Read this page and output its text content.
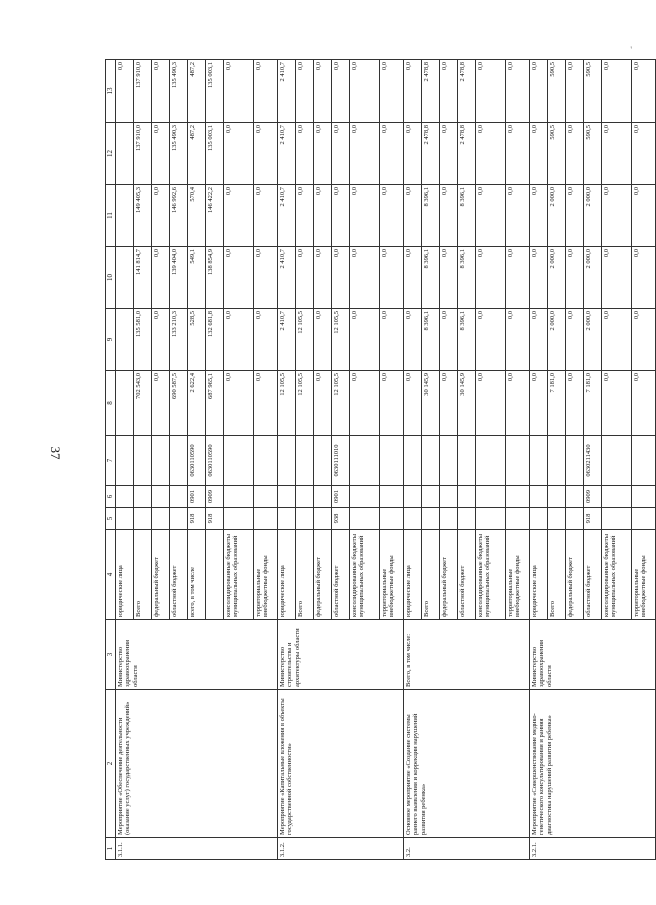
37
'
1	2	3	4	5	6	7	8	9	10	11	12	13
3.1.1.	Мероприятие «Обеспечение деятельности (оказание услуг) государственных учреждений»	Министерство здравоохранения области	юридические лица									0,0
			Всего				702 543,0	135 581,0	141 814,7	149 405,3	137 910,0	137 910,0
			федеральный бюджет				0,0	0,0	0,0	0,0	0,0	0,0
			областной бюджет				690 587,5	133 210,3	139 404,0	146 992,6	135 490,3	135 490,3
			всего, в том числе	918	0901	0630110590	2 622,4	528,5	549,1	570,4	487,2	487,2
				918	0909	0630110590	687 965,1	132 681,8	138 854,9	146 422,2	135 003,1	135 003,1
			консолидированные бюджеты муниципальных образований				0,0	0,0	0,0	0,0	0,0	0,0
			территориальные внебюджетные фонды				0,0	0,0	0,0	0,0	0,0	0,0
3.1.2.	Мероприятие «Капитальные вложения в объекты государственной собственности»	Министерство строительства и архитектуры области	юридические лица				12 105,5	2 410,7	2 410,7	2 410,7	2 410,7	2 410,7
			Всего				12 105,5	12 105,5	0,0	0,0	0,0	0,0
			федеральный бюджет				0,0	0,0	0,0	0,0	0,0	0,0
			областной бюджет	938	0901	0630111010	12 105,5	12 105,5	0,0	0,0	0,0	0,0
			консолидированные бюджеты муниципальных образований				0,0	0,0	0,0	0,0	0,0	0,0
			территориальные внебюджетные фонды				0,0	0,0	0,0	0,0	0,0	0,0
3.2.	Основное мероприятие «Создание системы раннего выявления и коррекции нарушений развития ребенка»	Всего, в том числе:	юридические лица				0,0	0,0	0,0	0,0	0,0	0,0
			Всего				30 145,9	8 396,1	8 396,1	8 396,1	2 478,8	2 478,8
			федеральный бюджет				0,0	0,0	0,0	0,0	0,0	0,0
			областной бюджет				30 145,9	8 396,1	8 396,1	8 396,1	2 478,8	2 478,8
			консолидированные бюджеты муниципальных образований				0,0	0,0	0,0	0,0	0,0	0,0
			территориальные внебюджетные фонды				0,0	0,0	0,0	0,0	0,0	0,0
3.2.1.	Мероприятие «Совершенствование медико-генетического консультирования и ранняя диагностика нарушений развития ребенка»	Министерство здравоохранения области	юридические лица				0,0	0,0	0,0	0,0	0,0	0,0
			Всего				7 181,0	2 000,0	2 000,0	2 000,0	590,5	590,5
			федеральный бюджет				0,0	0,0	0,0	0,0	0,0	0,0
			областной бюджет	918	0909	0630211430	7 181,0	2 000,0	2 000,0	2 000,0	590,5	590,5
			консолидированные бюджеты муниципальных образований				0,0	0,0	0,0	0,0	0,0	0,0
			территориальные внебюджетные фонды				0,0	0,0	0,0	0,0	0,0	0,0
